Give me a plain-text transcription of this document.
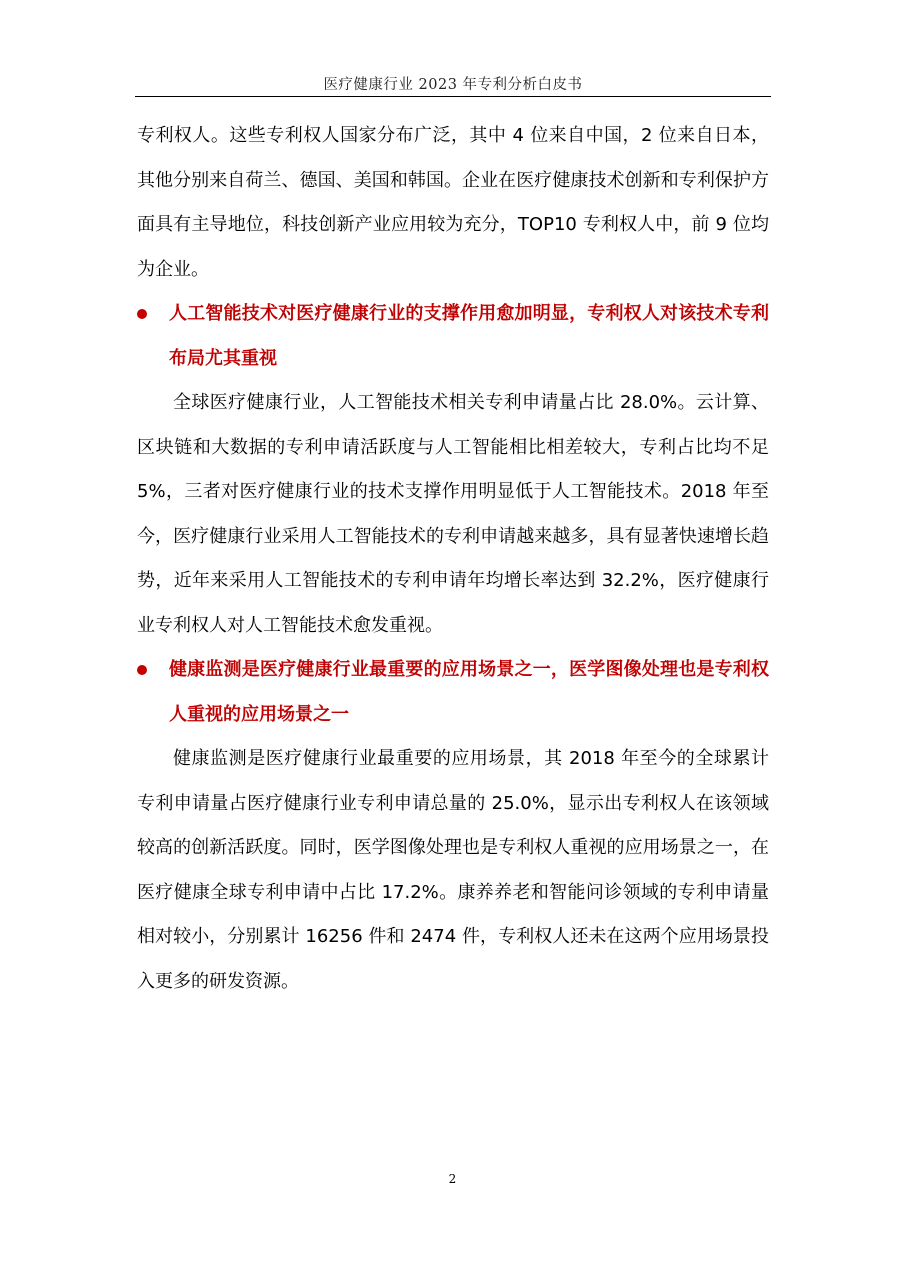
医疗健康行业 2023 年专利分析白皮书

专利权人。这些专利权人国家分布广泛，其中 4 位来自中国，2 位来自日本，其他分别来自荷兰、德国、美国和韩国。企业在医疗健康技术创新和专利保护方面具有主导地位，科技创新产业应用较为充分，TOP10 专利权人中，前 9 位均为企业。

人工智能技术对医疗健康行业的支撑作用愈加明显，专利权人对该技术专利布局尤其重视

全球医疗健康行业，人工智能技术相关专利申请量占比 28.0%。云计算、区块链和大数据的专利申请活跃度与人工智能相比相差较大，专利占比均不足 5%，三者对医疗健康行业的技术支撑作用明显低于人工智能技术。2018 年至今，医疗健康行业采用人工智能技术的专利申请越来越多，具有显著快速增长趋势，近年来采用人工智能技术的专利申请年均增长率达到 32.2%，医疗健康行业专利权人对人工智能技术愈发重视。

健康监测是医疗健康行业最重要的应用场景之一，医学图像处理也是专利权人重视的应用场景之一

健康监测是医疗健康行业最重要的应用场景，其 2018 年至今的全球累计专利申请量占医疗健康行业专利申请总量的 25.0%，显示出专利权人在该领域较高的创新活跃度。同时，医学图像处理也是专利权人重视的应用场景之一，在医疗健康全球专利申请中占比 17.2%。康养养老和智能问诊领域的专利申请量相对较小，分别累计 16256 件和 2474 件，专利权人还未在这两个应用场景投入更多的研发资源。

2
